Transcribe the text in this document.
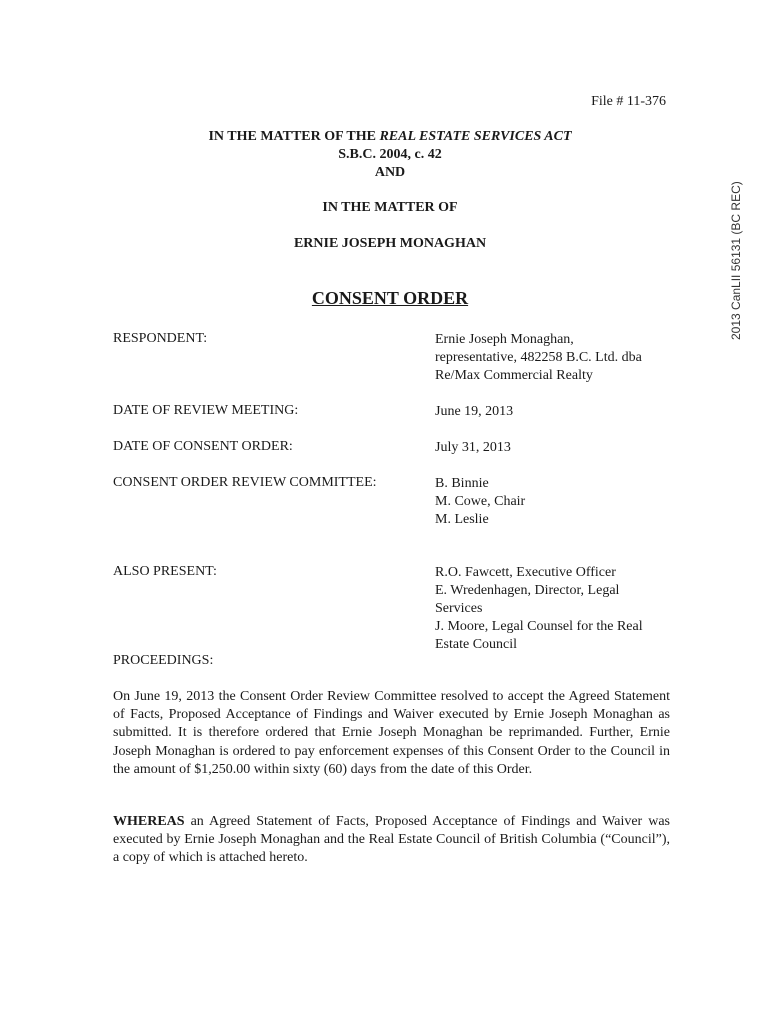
File # 11-376
2013 CanLII 56131 (BC REC)
IN THE MATTER OF THE REAL ESTATE SERVICES ACT
S.B.C. 2004, c. 42
AND
IN THE MATTER OF
ERNIE JOSEPH MONAGHAN
CONSENT ORDER
RESPONDENT:	Ernie Joseph Monaghan,
representative, 482258 B.C. Ltd. dba
Re/Max Commercial Realty
DATE OF REVIEW MEETING:	June 19, 2013
DATE OF CONSENT ORDER:	July 31, 2013
CONSENT ORDER REVIEW COMMITTEE:	B. Binnie
M. Cowe, Chair
M. Leslie
ALSO PRESENT:	R.O. Fawcett, Executive Officer
E. Wredenhagen, Director, Legal
Services
J. Moore, Legal Counsel for the Real
Estate Council
PROCEEDINGS:
On June 19, 2013 the Consent Order Review Committee resolved to accept the Agreed Statement of Facts, Proposed Acceptance of Findings and Waiver executed by Ernie Joseph Monaghan as submitted. It is therefore ordered that Ernie Joseph Monaghan be reprimanded. Further, Ernie Joseph Monaghan is ordered to pay enforcement expenses of this Consent Order to the Council in the amount of $1,250.00 within sixty (60) days from the date of this Order.
WHEREAS an Agreed Statement of Facts, Proposed Acceptance of Findings and Waiver was executed by Ernie Joseph Monaghan and the Real Estate Council of British Columbia (“Council”), a copy of which is attached hereto.
